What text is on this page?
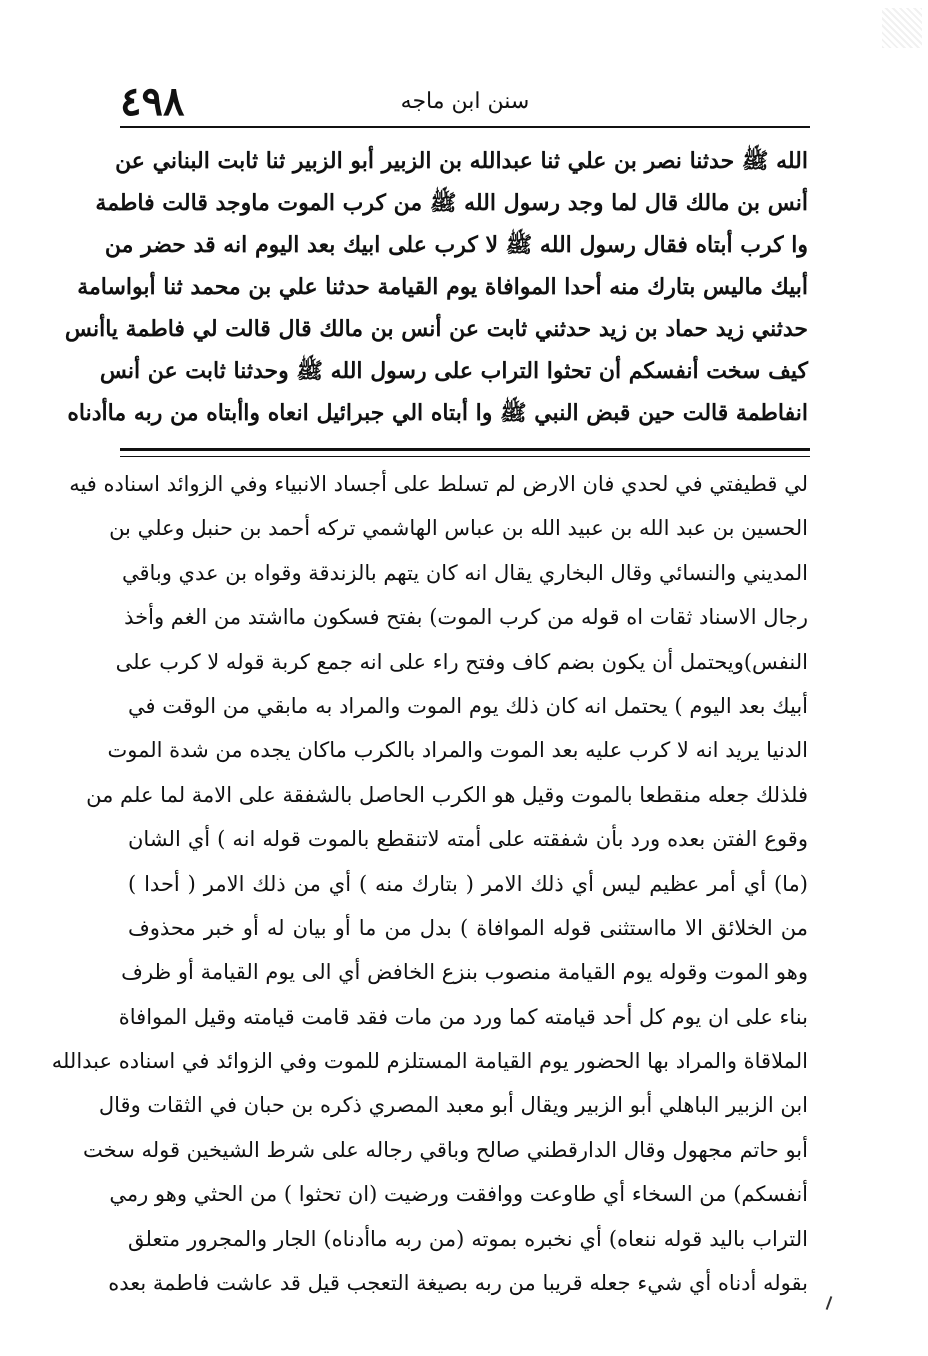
٤٩٨	سنن ابن ماجه
الله ﷺ حدثنا نصر بن علي ثنا عبدالله بن الزبير أبو الزبير ثنا ثابت البناني عن
أنس بن مالك قال لما وجد رسول الله ﷺ من كرب الموت ماوجد قالت فاطمة
وا كرب أبتاه فقال رسول الله ﷺ لا كرب على ابيك بعد اليوم انه قد حضر من
أبيك ماليس بتارك منه أحدا الموافاة يوم القيامة حدثنا علي بن محمد ثنا أبواسامة
حدثني زيد حماد بن زيد حدثني ثابت عن أنس بن مالك قال قالت لي فاطمة ياأنس
كيف سخت أنفسكم أن تحثوا التراب على رسول الله ﷺ وحدثنا ثابت عن أنس
انفاطمة قالت حين قبض النبي ﷺ وا أبتاه الي جبرائيل انعاه واأبتاه من ربه ماأدناه
لي قطيفتي في لحدي فان الارض لم تسلط على أجساد الانبياء وفي الزوائد اسناده فيه
الحسين بن عبد الله بن عبيد الله بن عباس الهاشمي تركه أحمد بن حنبل وعلي بن
المديني والنسائي وقال البخاري يقال انه كان يتهم بالزندقة وقواه بن عدي وباقي
رجال الاسناد ثقات اه قوله من كرب الموت) بفتح فسكون مااشتد من الغم وأخذ
النفس)ويحتمل أن يكون بضم كاف وفتح راء على انه جمع كربة قوله لا كرب على
أبيك بعد اليوم ) يحتمل انه كان ذلك يوم الموت والمراد به مابقي من الوقت في
الدنيا يريد انه لا كرب عليه بعد الموت والمراد بالكرب ماكان يجده من شدة الموت
فلذلك جعله منقطعا بالموت وقيل هو الكرب الحاصل بالشفقة على الامة لما علم من
وقوع الفتن بعده ورد بأن شفقته على أمته لاتنقطع بالموت قوله انه ) أي الشان
(ما) أي أمر عظيم ليس أي ذلك الامر ( بتارك منه ) أي من ذلك الامر ( أحدا )
من الخلائق الا مااستثنى قوله الموافاة ) بدل من ما أو بيان له أو خبر محذوف
وهو الموت وقوله يوم القيامة منصوب بنزع الخافض أي الى يوم القيامة أو ظرف
بناء على ان يوم كل أحد قيامته كما ورد من مات فقد قامت قيامته وقيل الموافاة
الملاقاة والمراد بها الحضور يوم القيامة المستلزم للموت وفي الزوائد في اسناده عبدالله
ابن الزبير الباهلي أبو الزبير ويقال أبو معبد المصري ذكره بن حبان في الثقات وقال
أبو حاتم مجهول وقال الدارقطني صالح وباقي رجاله على شرط الشيخين قوله سخت
أنفسكم) من السخاء أي طاوعت ووافقت ورضيت (ان تحثوا ) من الحثي وهو رمي
التراب باليد قوله ننعاه) أي نخبره بموته (من ربه ماأدناه) الجار والمجرور متعلق
بقوله أدناه أي شيء جعله قريبا من ربه بصيغة التعجب قيل قد عاشت فاطمة بعده
